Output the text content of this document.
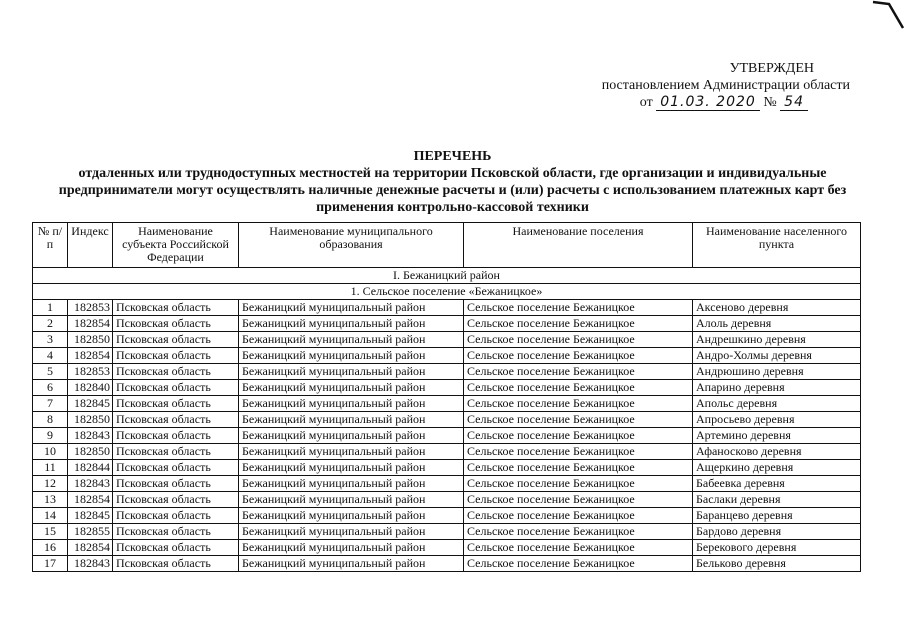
УТВЕРЖДЕН
постановлением Администрации области
от 01.03. 2020 № 54
ПЕРЕЧЕНЬ
отдаленных или труднодоступных местностей на территории Псковской области, где организации и индивидуальные предприниматели могут осуществлять наличные денежные расчеты и (или) расчеты с использованием платежных карт без применения контрольно-кассовой техники
№ п/п	Индекс	Наименование субъекта Российской Федерации	Наименование муниципального образования	Наименование поселения	Наименование населенного пункта
I. Бежаницкий район					
1. Сельское поселение «Бежаницкое»					
1	182853	Псковская область	Бежаницкий муниципальный район	Сельское поселение Бежаницкое	Аксеново деревня
2	182854	Псковская область	Бежаницкий муниципальный район	Сельское поселение Бежаницкое	Алоль деревня
3	182850	Псковская область	Бежаницкий муниципальный район	Сельское поселение Бежаницкое	Андрешкино деревня
4	182854	Псковская область	Бежаницкий муниципальный район	Сельское поселение Бежаницкое	Андро-Холмы деревня
5	182853	Псковская область	Бежаницкий муниципальный район	Сельское поселение Бежаницкое	Андрюшино деревня
6	182840	Псковская область	Бежаницкий муниципальный район	Сельское поселение Бежаницкое	Апарино деревня
7	182845	Псковская область	Бежаницкий муниципальный район	Сельское поселение Бежаницкое	Апольс деревня
8	182850	Псковская область	Бежаницкий муниципальный район	Сельское поселение Бежаницкое	Апросьево деревня
9	182843	Псковская область	Бежаницкий муниципальный район	Сельское поселение Бежаницкое	Артемино деревня
10	182850	Псковская область	Бежаницкий муниципальный район	Сельское поселение Бежаницкое	Афаносково деревня
11	182844	Псковская область	Бежаницкий муниципальный район	Сельское поселение Бежаницкое	Ащеркино деревня
12	182843	Псковская область	Бежаницкий муниципальный район	Сельское поселение Бежаницкое	Бабеевка деревня
13	182854	Псковская область	Бежаницкий муниципальный район	Сельское поселение Бежаницкое	Баслаки деревня
14	182845	Псковская область	Бежаницкий муниципальный район	Сельское поселение Бежаницкое	Баранцево деревня
15	182855	Псковская область	Бежаницкий муниципальный район	Сельское поселение Бежаницкое	Бардово деревня
16	182854	Псковская область	Бежаницкий муниципальный район	Сельское поселение Бежаницкое	Берекового деревня
17	182843	Псковская область	Бежаницкий муниципальный район	Сельское поселение Бежаницкое	Бельково деревня
